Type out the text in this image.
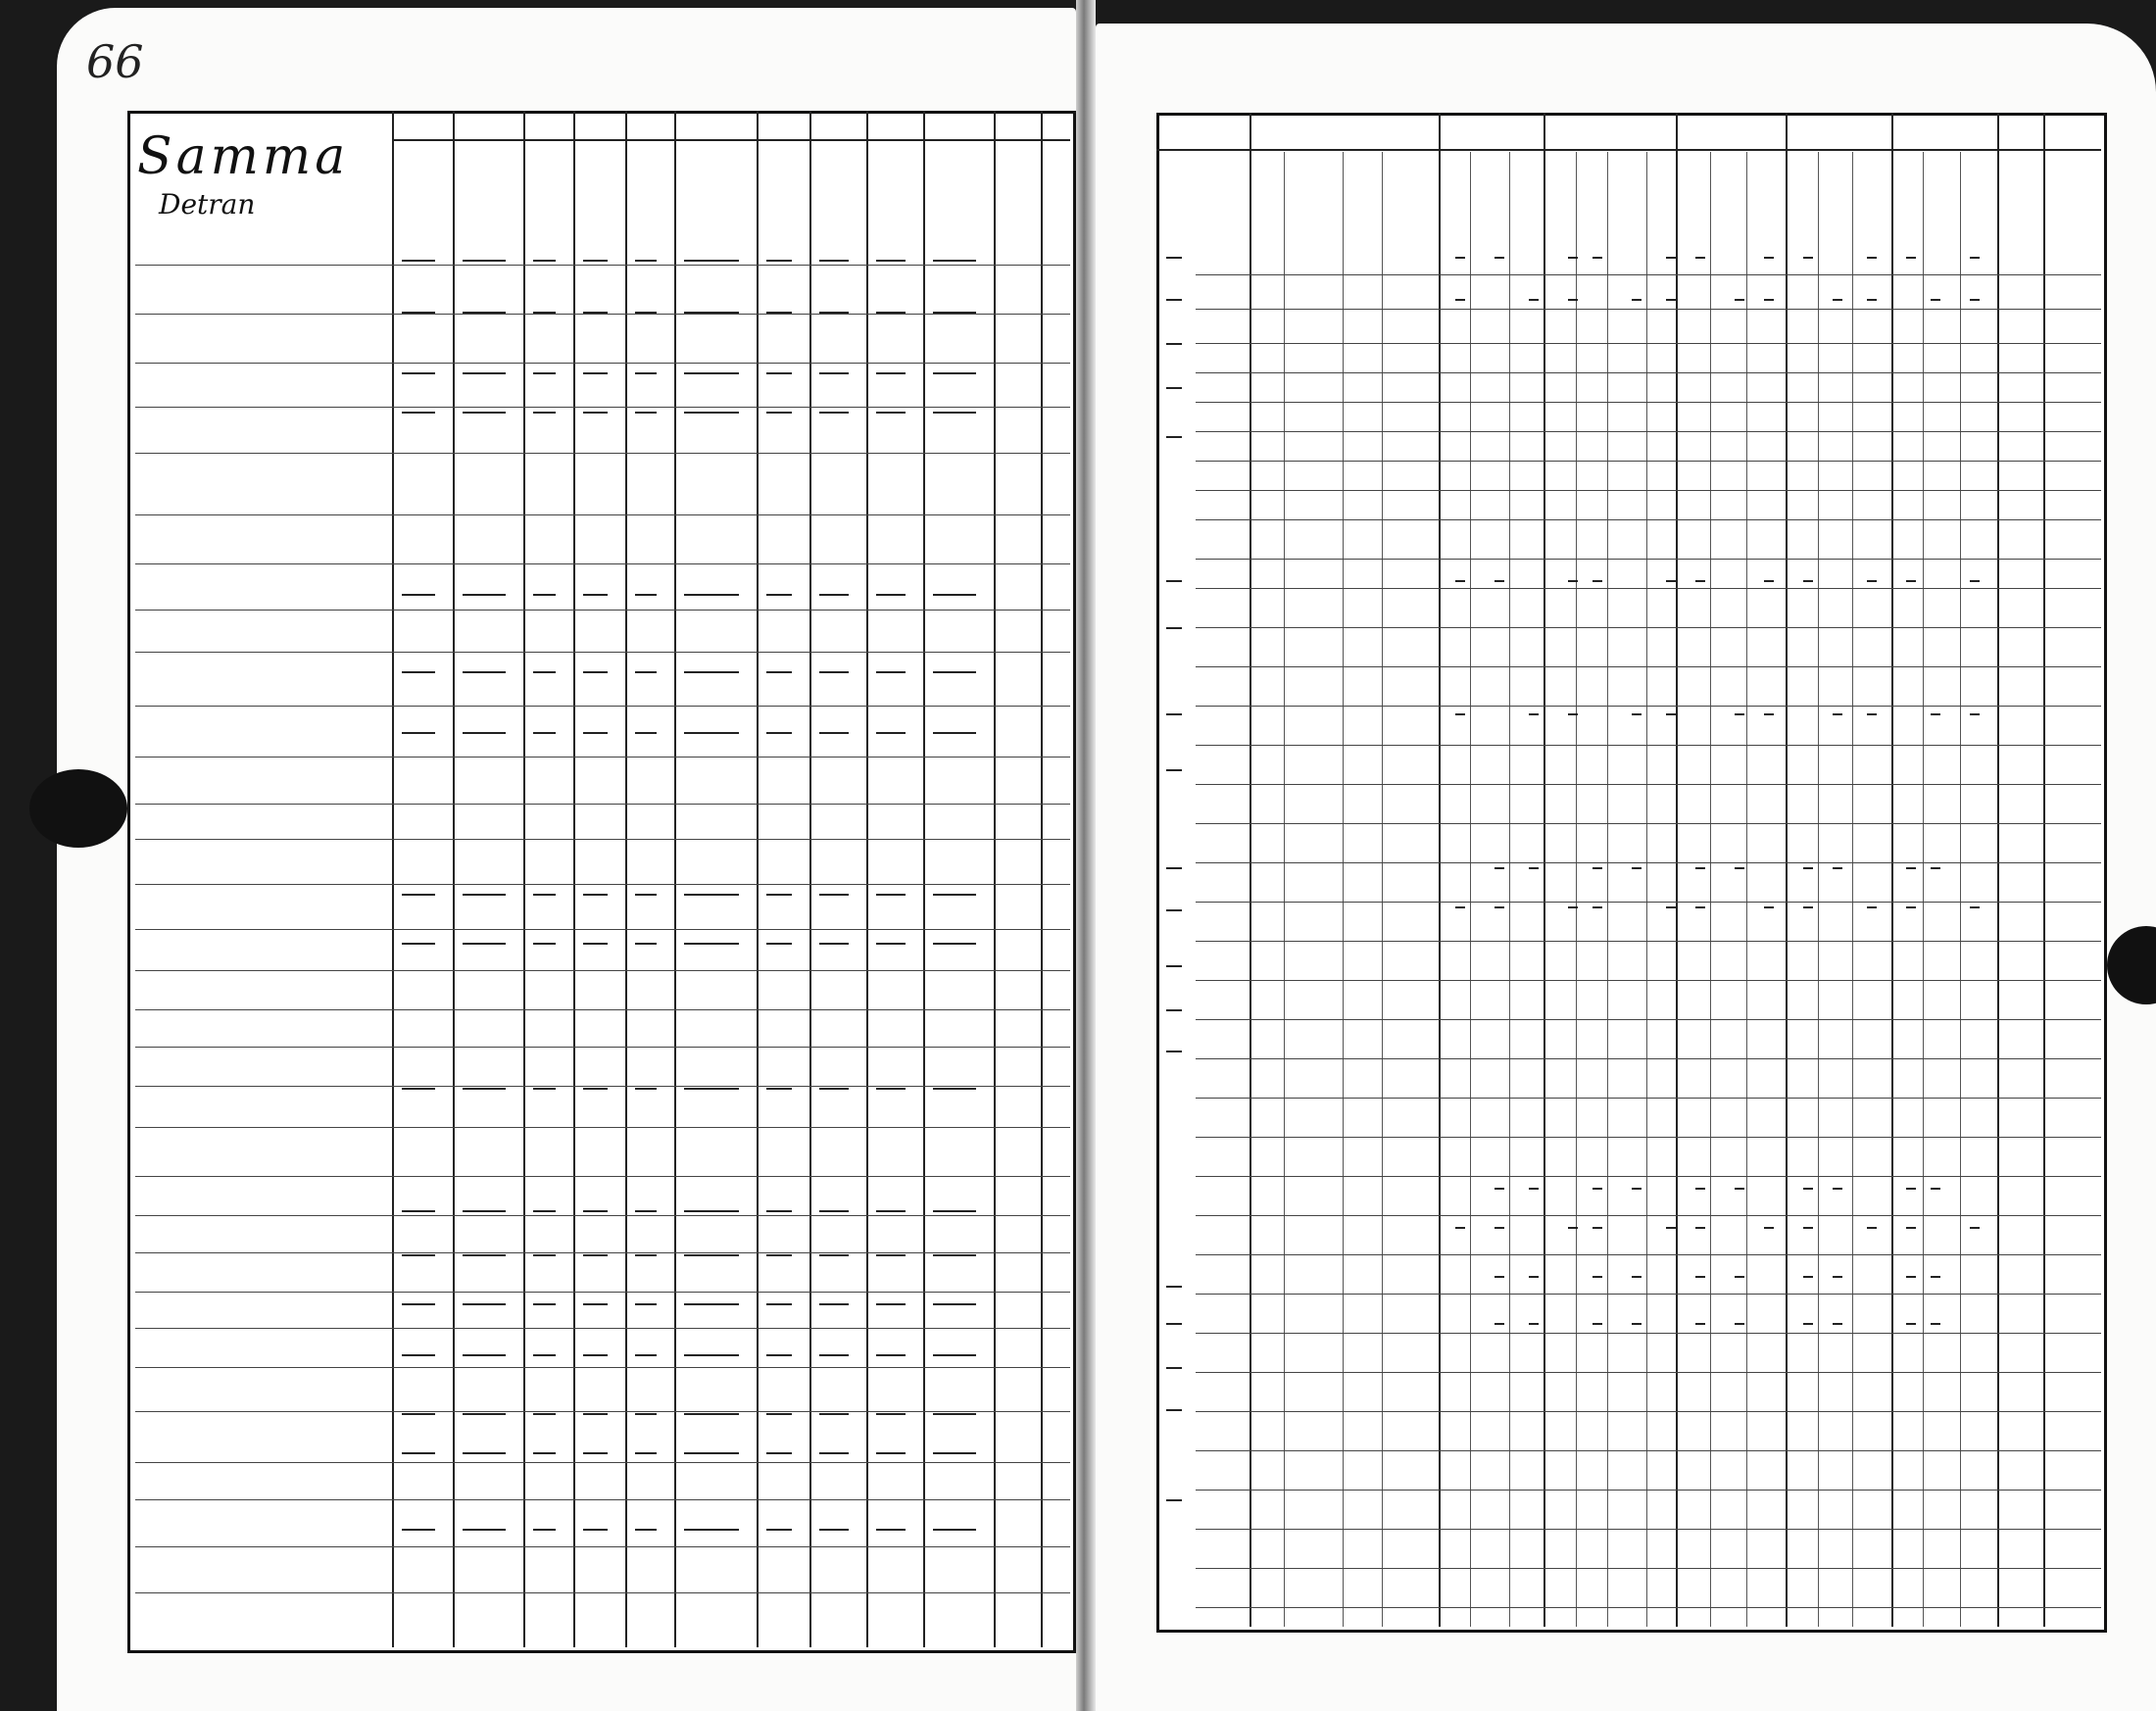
66
Samma
Detran
